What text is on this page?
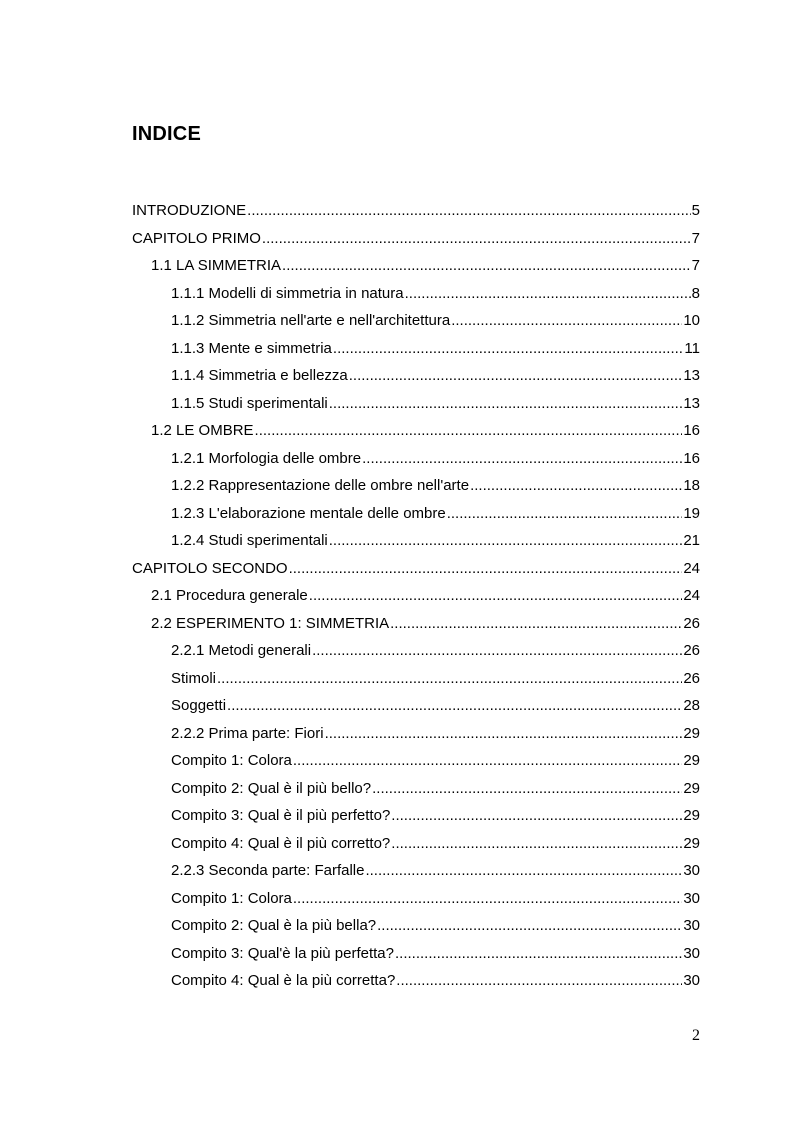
INDICE
INTRODUZIONE .....	5
CAPITOLO PRIMO .....	7
1.1 LA SIMMETRIA .....	7
1.1.1 Modelli di simmetria in natura .....	8
1.1.2 Simmetria nell'arte e nell'architettura .....	10
1.1.3 Mente e simmetria .....	11
1.1.4 Simmetria e bellezza .....	13
1.1.5 Studi sperimentali .....	13
1.2 LE OMBRE .....	16
1.2.1 Morfologia delle ombre .....	16
1.2.2 Rappresentazione delle ombre nell'arte .....	18
1.2.3 L'elaborazione mentale delle ombre .....	19
1.2.4 Studi sperimentali .....	21
CAPITOLO SECONDO .....	24
2.1 Procedura generale .....	24
2.2 ESPERIMENTO 1: SIMMETRIA .....	26
2.2.1 Metodi generali .....	26
Stimoli .....	26
Soggetti .....	28
2.2.2 Prima parte: Fiori .....	29
Compito 1: Colora .....	29
Compito 2: Qual è il più bello? .....	29
Compito 3: Qual è il più perfetto? .....	29
Compito 4: Qual è il più corretto? .....	29
2.2.3 Seconda parte: Farfalle .....	30
Compito 1: Colora .....	30
Compito 2: Qual è la più bella? .....	30
Compito 3: Qual'è la più perfetta? .....	30
Compito 4: Qual è la più corretta? .....	30
2
